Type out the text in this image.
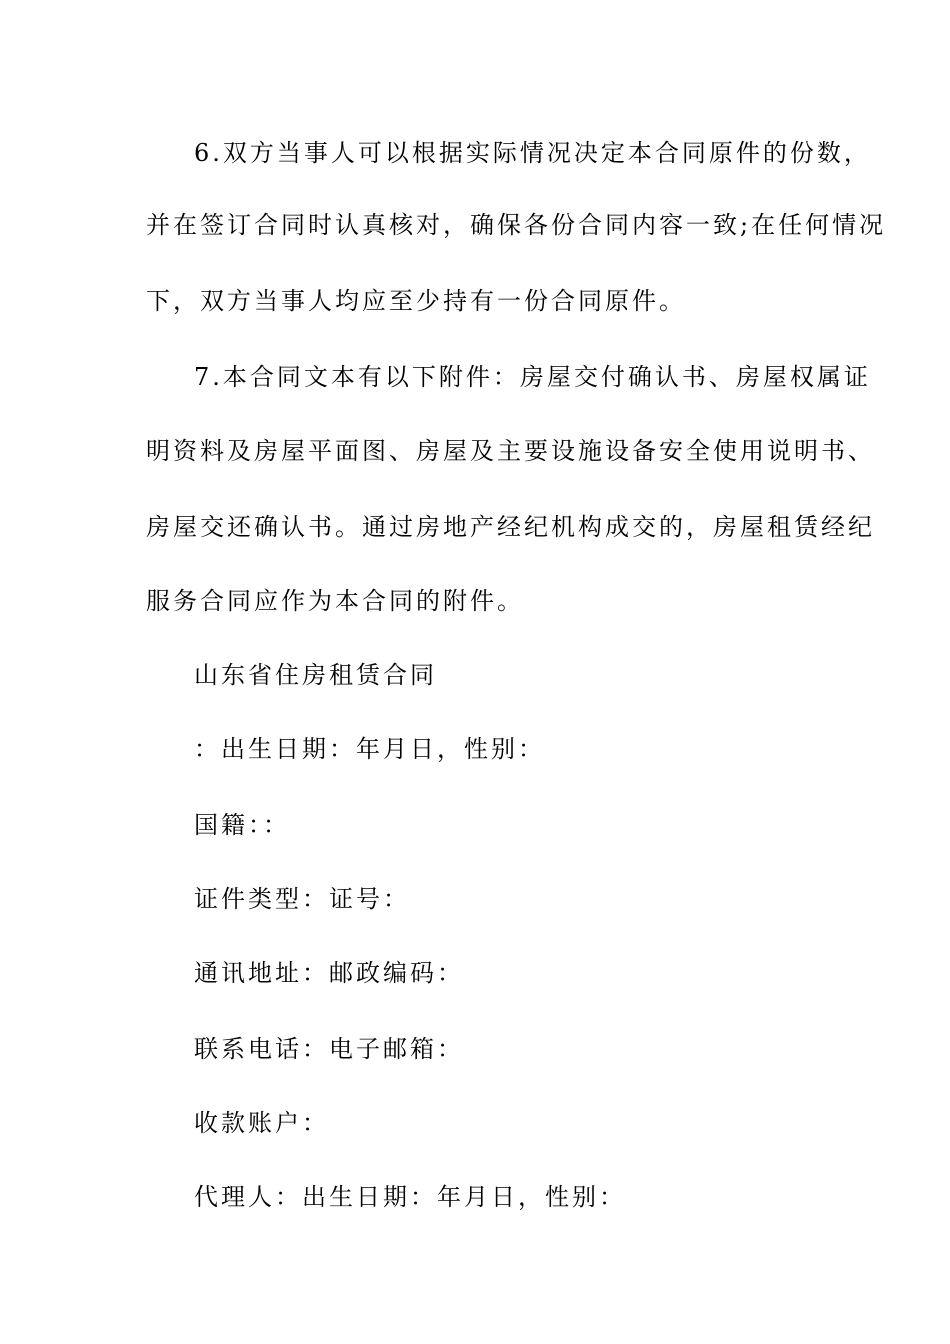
6.双方当事人可以根据实际情况决定本合同原件的份数，

并在签订合同时认真核对，确保各份合同内容一致;在任何情况

下，双方当事人均应至少持有一份合同原件。

7.本合同文本有以下附件：房屋交付确认书、房屋权属证

明资料及房屋平面图、房屋及主要设施设备安全使用说明书、

房屋交还确认书。通过房地产经纪机构成交的，房屋租赁经纪

服务合同应作为本合同的附件。

山东省住房租赁合同

：出生日期：年月日，性别：

国籍：：

证件类型：证号：

通讯地址：邮政编码：

联系电话：电子邮箱：

收款账户：

代理人：出生日期：年月日，性别：
